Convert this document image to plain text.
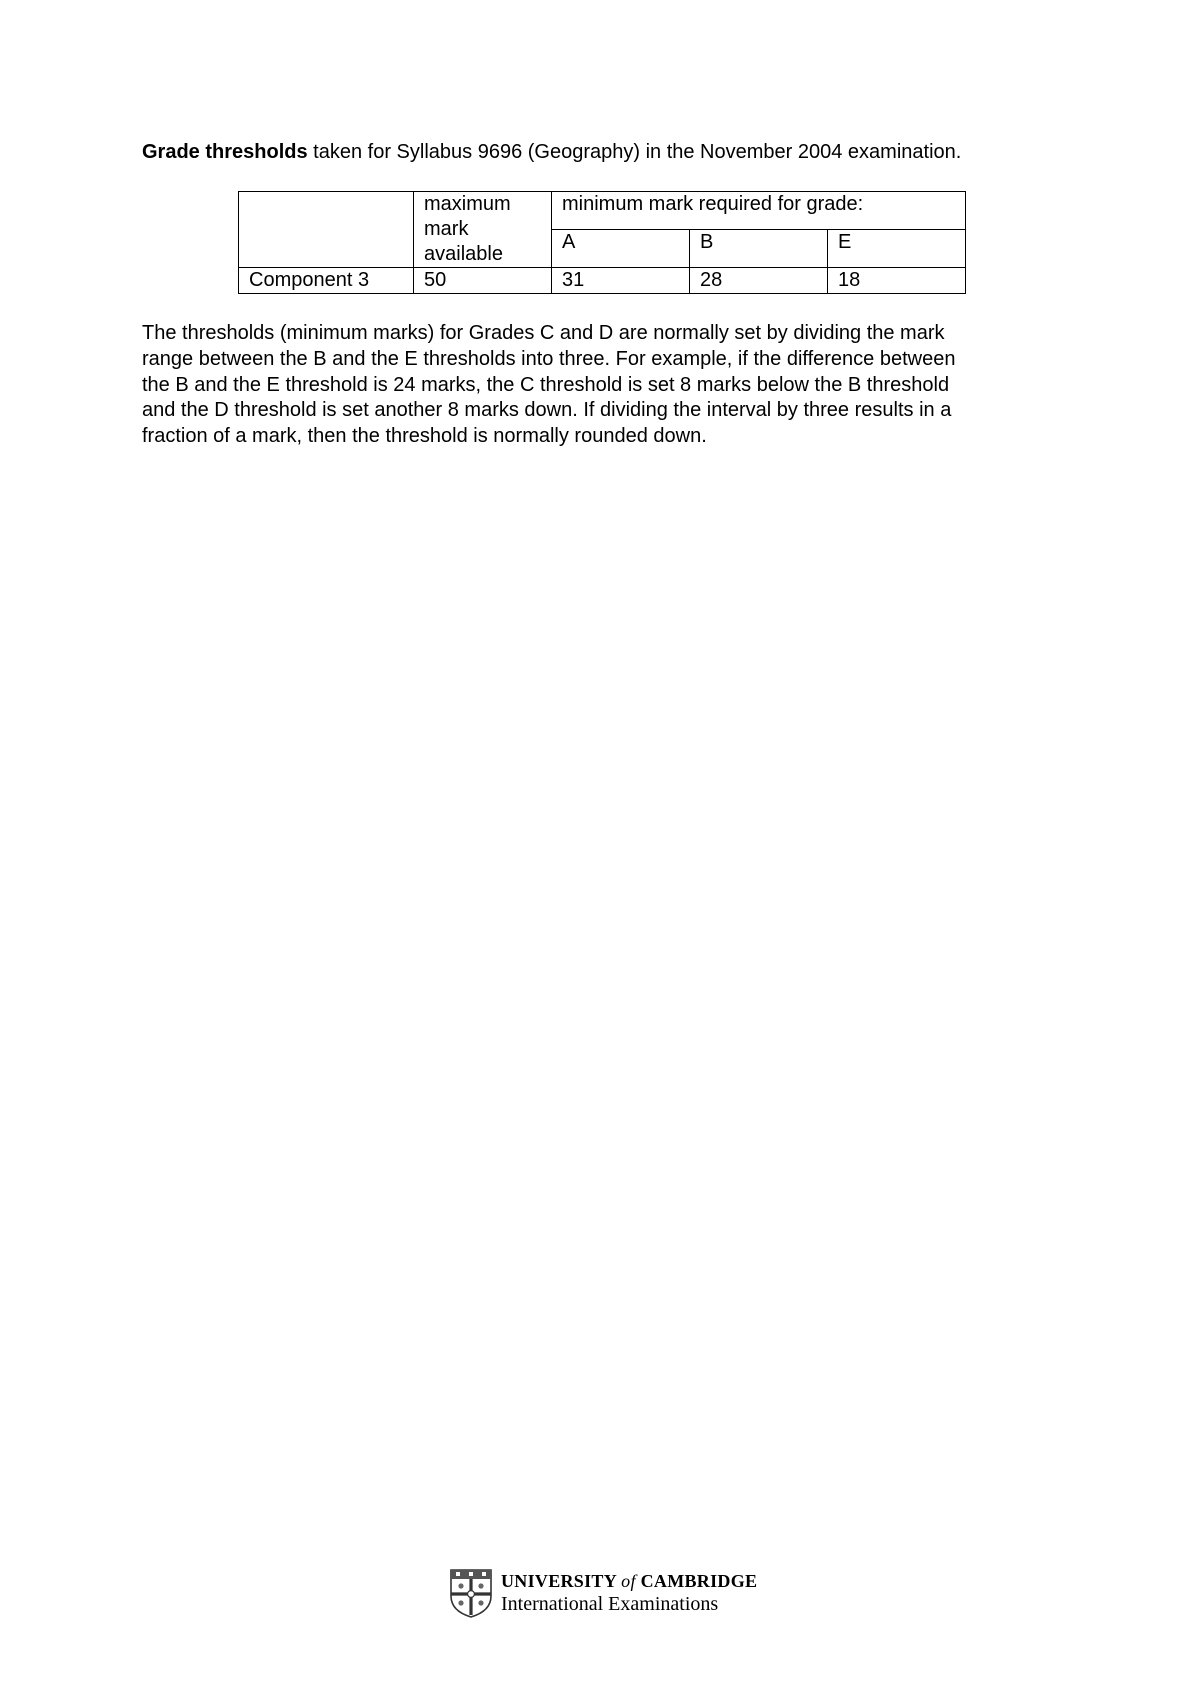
Grade thresholds taken for Syllabus 9696 (Geography) in the November 2004 examination.

	maximum
mark
available	minimum mark required for grade:		
		A	B	E
Component 3	50	31	28	18
The thresholds (minimum marks) for Grades C and D are normally set by dividing the mark
range between the B and the E thresholds into three. For example, if the difference between
the B and the E threshold is 24 marks, the C threshold is set 8 marks below the B threshold
and the D threshold is set another 8 marks down. If dividing the interval by three results in a
fraction of a mark, then the threshold is normally rounded down.
UNIVERSITY of CAMBRIDGE
International Examinations
